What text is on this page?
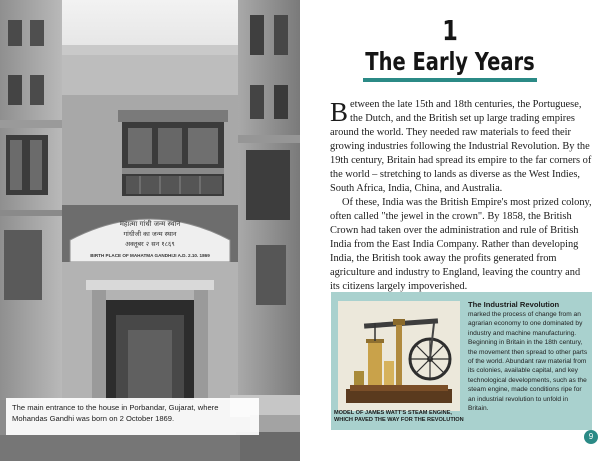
महात्मा गांधी जन्म स्थान
गांधीजी का जन्म स्थान
अक्तूबर २ सन १८६९
BIRTH PLACE OF MAHATMA GANDHIJI A.D. 2.10. 1869
The main entrance to the house in Porbandar, Gujarat, where Mohandas Gandhi was born on 2 October 1869.
1
The Early Years

Between the late 15th and 18th centuries, the Portuguese, the Dutch, and the British set up large trading empires around the world. They needed raw materials to feed their growing industries following the Industrial Revolution. By the 19th century, Britain had spread its empire to the far corners of the world – stretching to lands as diverse as the West Indies, South Africa, India, China, and Australia.

Of these, India was the British Empire's most prized colony, often called "the jewel in the crown". By 1858, the British Crown had taken over the administration and rule of British India from the East India Company. Rather than developing India, the British took away the profits generated from agriculture and industry to England, leaving the country and its citizens largely impoverished.

MODEL OF JAMES WATT'S STEAM ENGINE, WHICH PAVED THE WAY FOR THE REVOLUTION
The Industrial Revolution
marked the process of change from an agrarian economy to one dominated by industry and machine manufacturing. Beginning in Britain in the 18th century, the movement then spread to other parts of the world. Abundant raw material from its colonies, available capital, and key technological developments, such as the steam engine, made conditions ripe for an industrial revolution to unfold in Britain.
9
